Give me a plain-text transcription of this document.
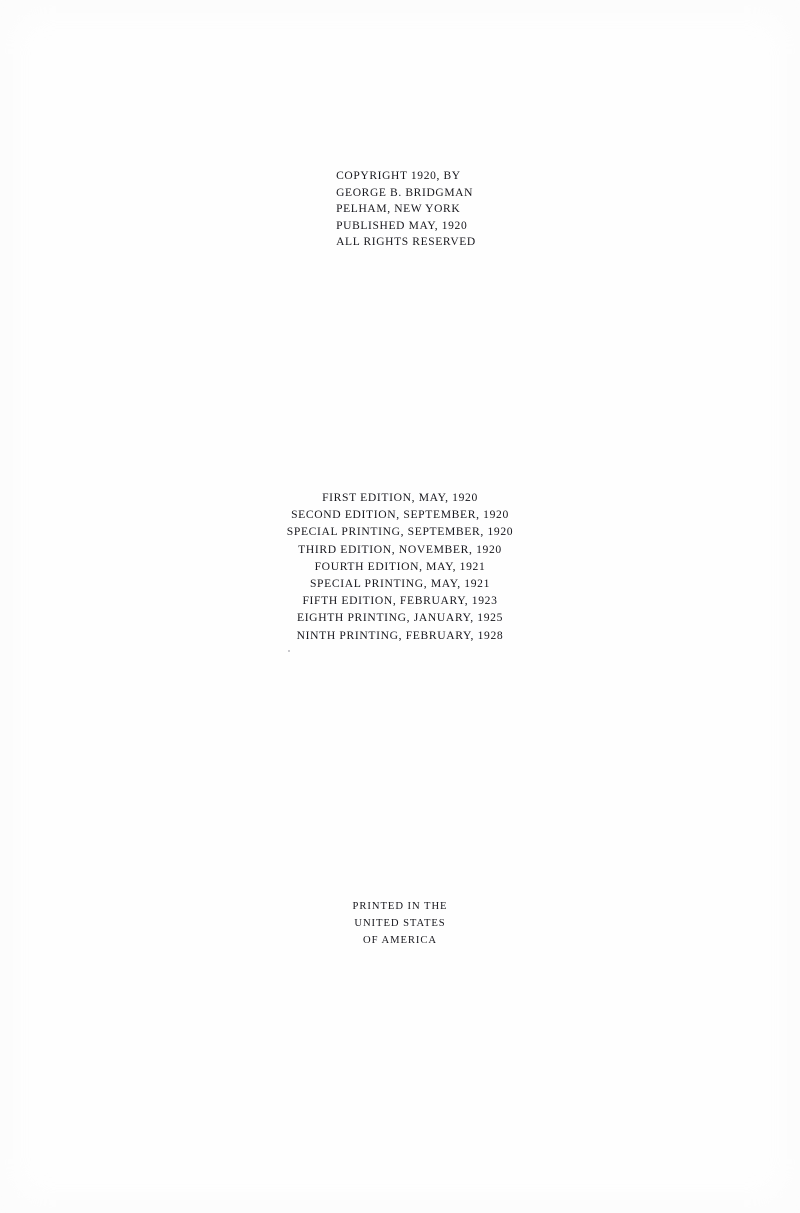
COPYRIGHT 1920, BY
GEORGE B. BRIDGMAN
PELHAM, NEW YORK
PUBLISHED MAY, 1920
ALL RIGHTS RESERVED
FIRST EDITION, MAY, 1920
SECOND EDITION, SEPTEMBER, 1920
SPECIAL PRINTING, SEPTEMBER, 1920
THIRD EDITION, NOVEMBER, 1920
FOURTH EDITION, MAY, 1921
SPECIAL PRINTING, MAY, 1921
FIFTH EDITION, FEBRUARY, 1923
EIGHTH PRINTING, JANUARY, 1925
NINTH PRINTING, FEBRUARY, 1928
PRINTED IN THE
UNITED STATES
OF AMERICA
